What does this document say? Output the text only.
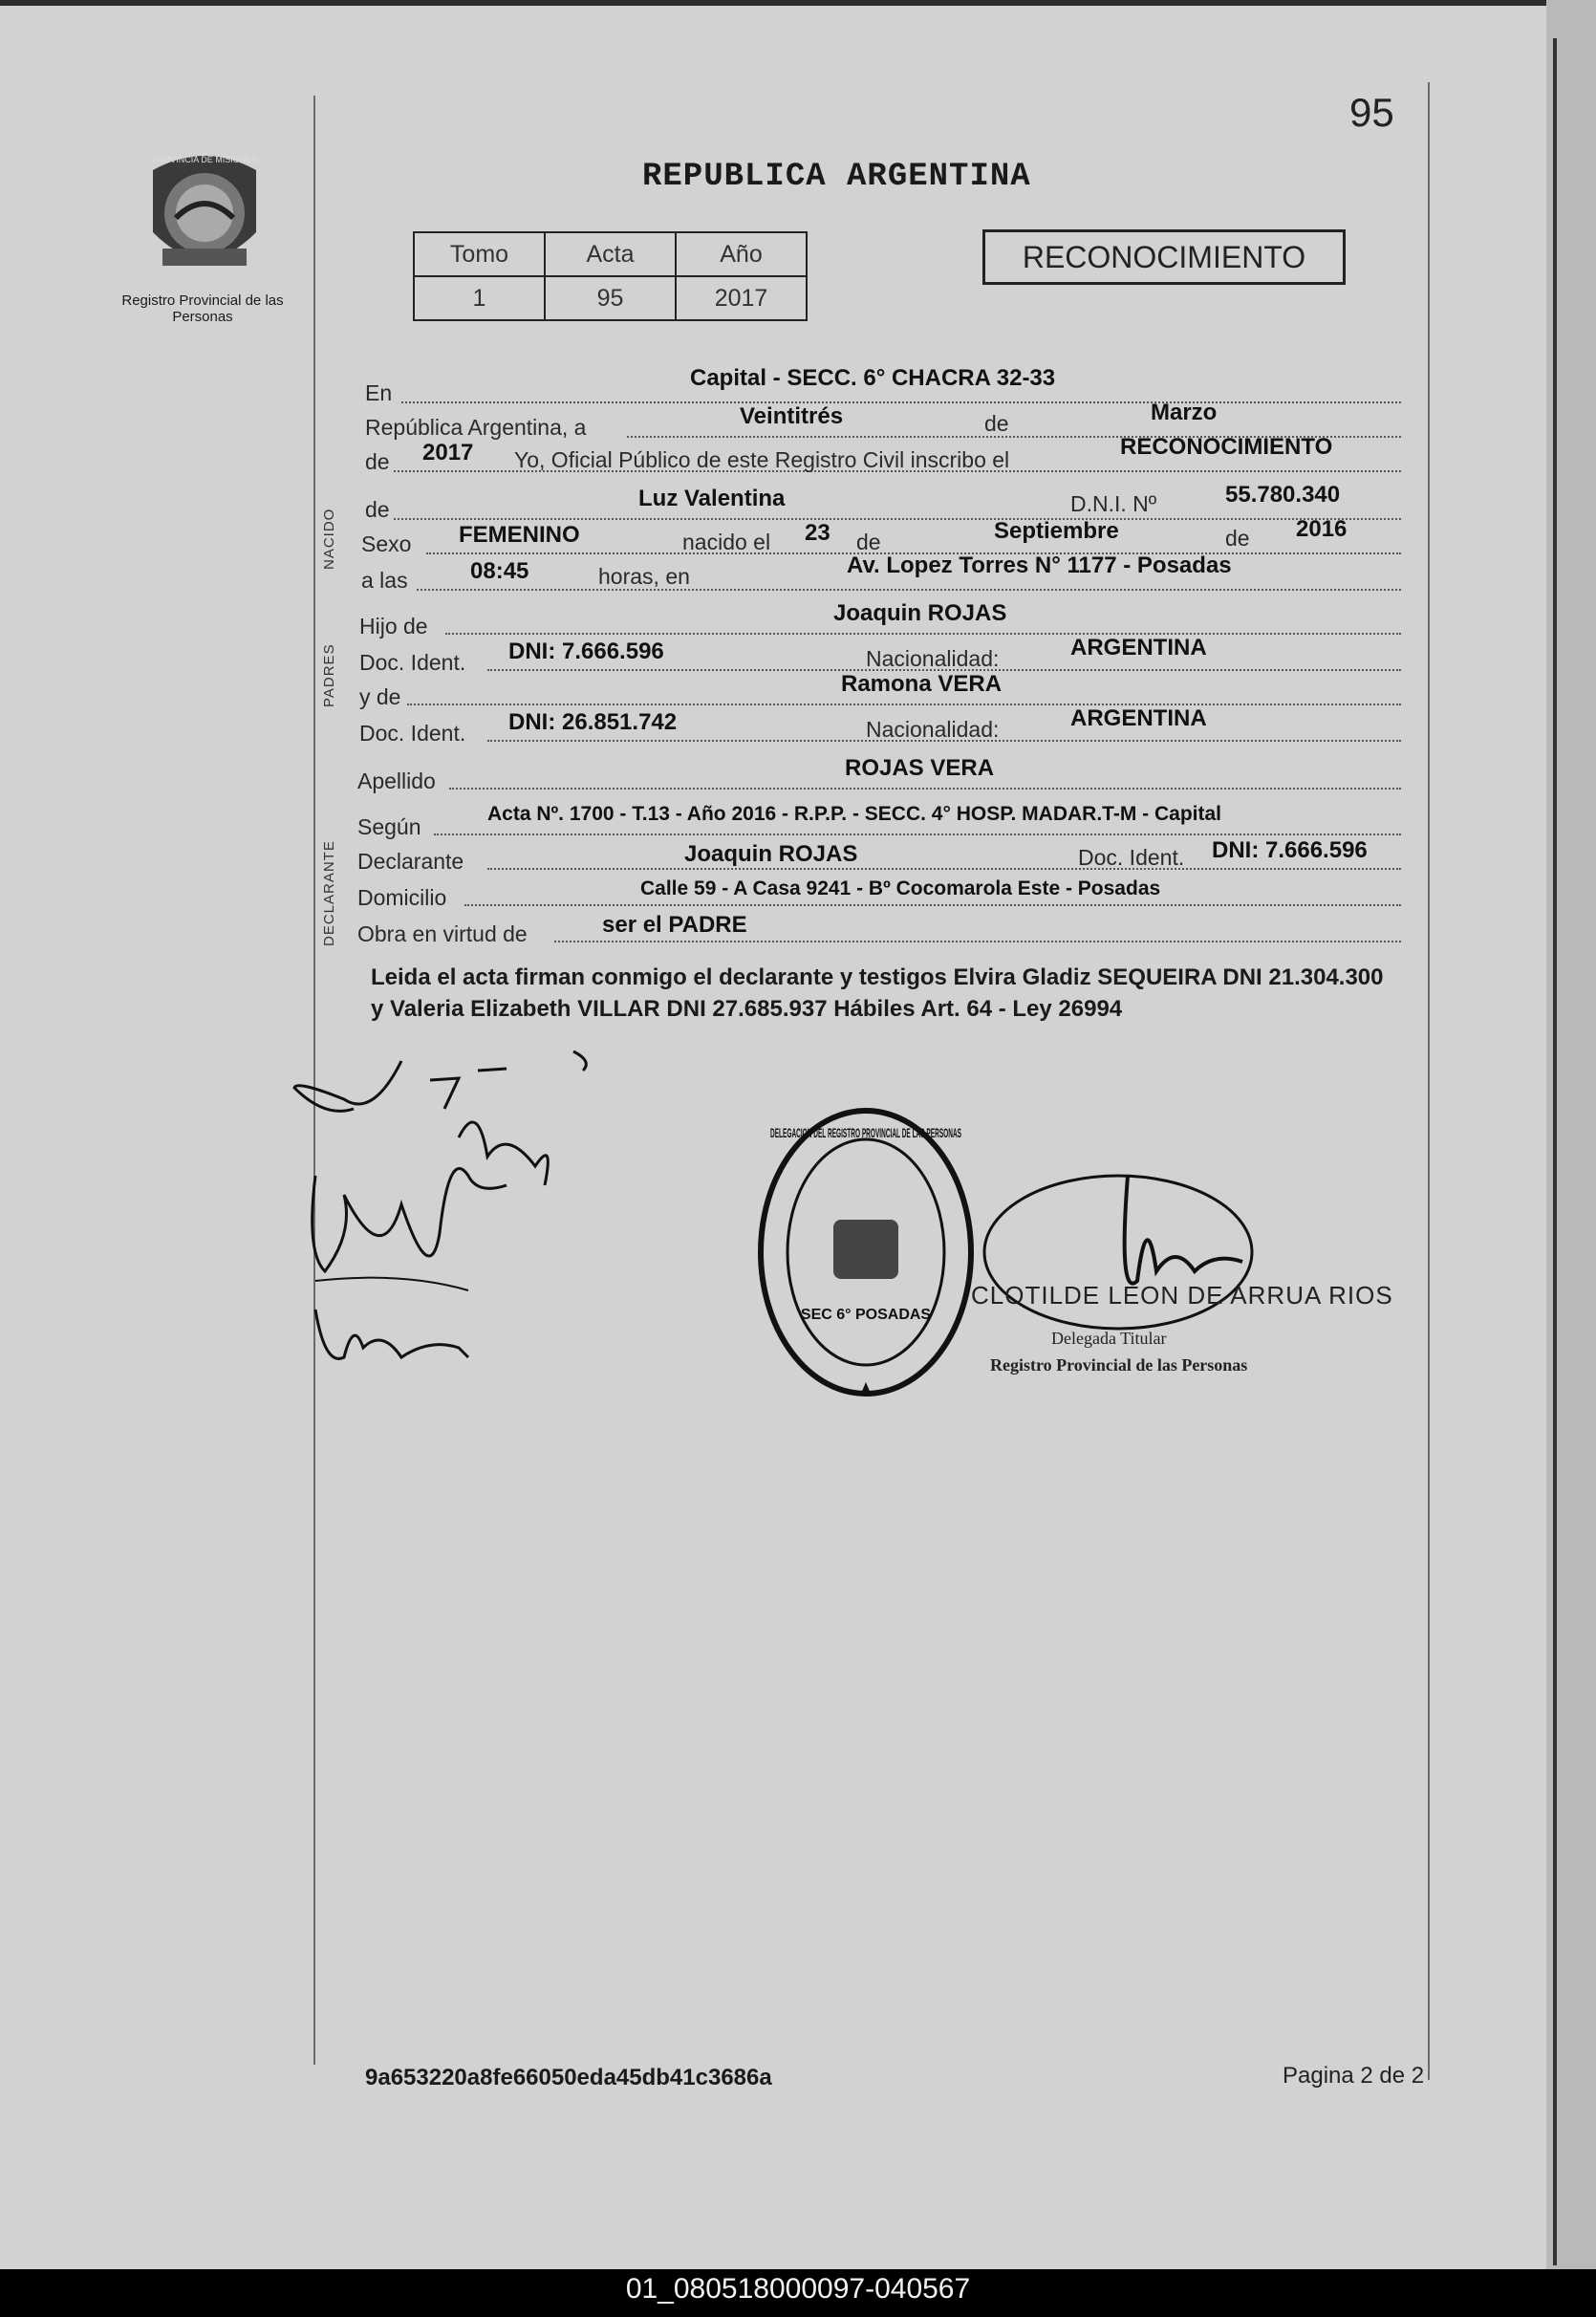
95
REPUBLICA ARGENTINA
PROVINCIA DE MISIONES
Registro Provincial de las Personas
Tomo	Acta	Año
1	95	2017
RECONOCIMIENTO
NACIDO
PADRES
DECLARANTE
En
Capital - SECC. 6° CHACRA 32-33
República Argentina, a	Veintitrés	de	Marzo
de 2017 Yo, Oficial Público de este Registro Civil inscribo el	RECONOCIMIENTO
de	Luz Valentina	D.N.I. Nº	55.780.340
Sexo FEMENINO	nacido el 23 de	Septiembre	de 2016
a las	08:45	horas, en	Av. Lopez Torres N° 1177 - Posadas
Hijo de	Joaquin ROJAS
Doc. Ident. DNI: 7.666.596	Nacionalidad:	ARGENTINA
y de	Ramona VERA
Doc. Ident. DNI: 26.851.742	Nacionalidad:	ARGENTINA
Apellido	ROJAS VERA
Según
Acta Nº. 1700 - T.13 - Año 2016 - R.P.P. - SECC. 4° HOSP. MADAR.T-M - Capital
Declarante	Joaquin ROJAS	Doc. Ident. DNI: 7.666.596
Domicilio	Calle 59 - A Casa 9241 - Bº Cocomarola Este - Posadas
Obra en virtud de	ser el PADRE
Leida el acta firman conmigo el declarante y testigos Elvira Gladiz SEQUEIRA DNI 21.304.300 y Valeria Elizabeth VILLAR DNI 27.685.937 Hábiles Art. 64 - Ley 26994
DELEGACION DEL REGISTRO PROVINCIAL DE LAS PERSONAS
SEC 6° POSADAS
CLOTILDE LEON DE ARRUA RIOS
Delegada Titular
Registro Provincial de las Personas
9a653220a8fe66050eda45db41c3686a	Pagina 2 de 2
01_080518000097-040567
